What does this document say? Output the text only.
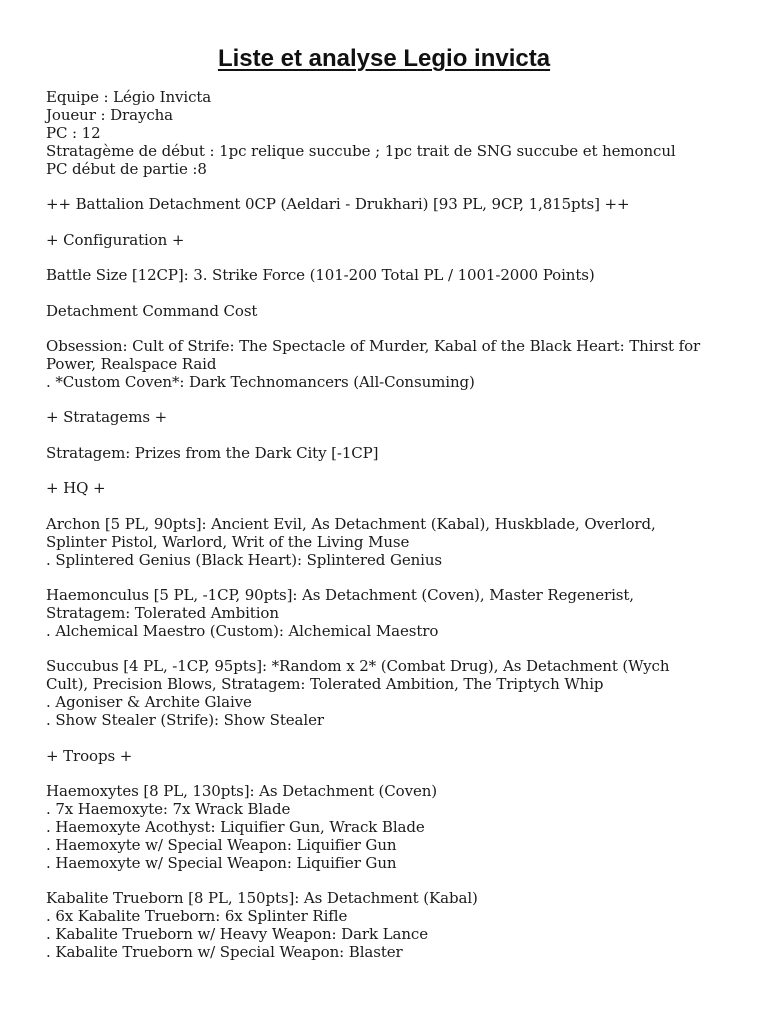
Liste et analyse Legio invicta
Equipe : Légio Invicta
Joueur : Draycha
PC : 12
Stratagème de début : 1pc relique succube ; 1pc trait de SNG succube et hemoncul
PC début de partie :8
++ Battalion Detachment 0CP (Aeldari - Drukhari) [93 PL, 9CP, 1,815pts] ++
+ Configuration +
Battle Size [12CP]: 3. Strike Force (101-200 Total PL / 1001-2000 Points)
Detachment Command Cost
Obsession: Cult of Strife: The Spectacle of Murder, Kabal of the Black Heart: Thirst for
Power, Realspace Raid
. *Custom Coven*: Dark Technomancers (All-Consuming)
+ Stratagems +
Stratagem: Prizes from the Dark City [-1CP]
+ HQ +
Archon [5 PL, 90pts]: Ancient Evil, As Detachment (Kabal), Huskblade, Overlord,
Splinter Pistol, Warlord, Writ of the Living Muse
. Splintered Genius (Black Heart): Splintered Genius
Haemonculus [5 PL, -1CP, 90pts]: As Detachment (Coven), Master Regenerist,
Stratagem: Tolerated Ambition
. Alchemical Maestro (Custom): Alchemical Maestro
Succubus [4 PL, -1CP, 95pts]: *Random x 2* (Combat Drug), As Detachment (Wych
Cult), Precision Blows, Stratagem: Tolerated Ambition, The Triptych Whip
. Agoniser & Archite Glaive
. Show Stealer (Strife): Show Stealer
+ Troops +
Haemoxytes [8 PL, 130pts]: As Detachment (Coven)
. 7x Haemoxyte: 7x Wrack Blade
. Haemoxyte Acothyst: Liquifier Gun, Wrack Blade
. Haemoxyte w/ Special Weapon: Liquifier Gun
. Haemoxyte w/ Special Weapon: Liquifier Gun
Kabalite Trueborn [8 PL, 150pts]: As Detachment (Kabal)
. 6x Kabalite Trueborn: 6x Splinter Rifle
. Kabalite Trueborn w/ Heavy Weapon: Dark Lance
. Kabalite Trueborn w/ Special Weapon: Blaster
